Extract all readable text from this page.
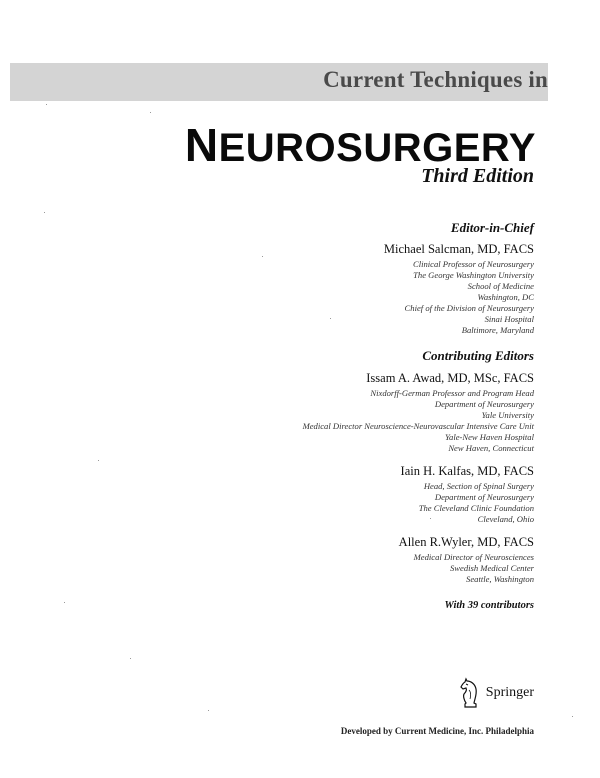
Current Techniques in
NEUROSURGERY
Third Edition
Editor-in-Chief
Michael Salcman, MD, FACS
Clinical Professor of Neurosurgery
The George Washington University
School of Medicine
Washington, DC
Chief of the Division of Neurosurgery
Sinai Hospital
Baltimore, Maryland
Contributing Editors
Issam A. Awad, MD, MSc, FACS
Nixdorff-German Professor and Program Head
Department of Neurosurgery
Yale University
Medical Director Neuroscience-Neurovascular Intensive Care Unit
Yale-New Haven Hospital
New Haven, Connecticut
Iain H. Kalfas, MD, FACS
Head, Section of Spinal Surgery
Department of Neurosurgery
The Cleveland Clinic Foundation
Cleveland, Ohio
Allen R.Wyler, MD, FACS
Medical Director of Neurosciences
Swedish Medical Center
Seattle, Washington
With 39 contributors
Springer
Developed by Current Medicine, Inc. Philadelphia
